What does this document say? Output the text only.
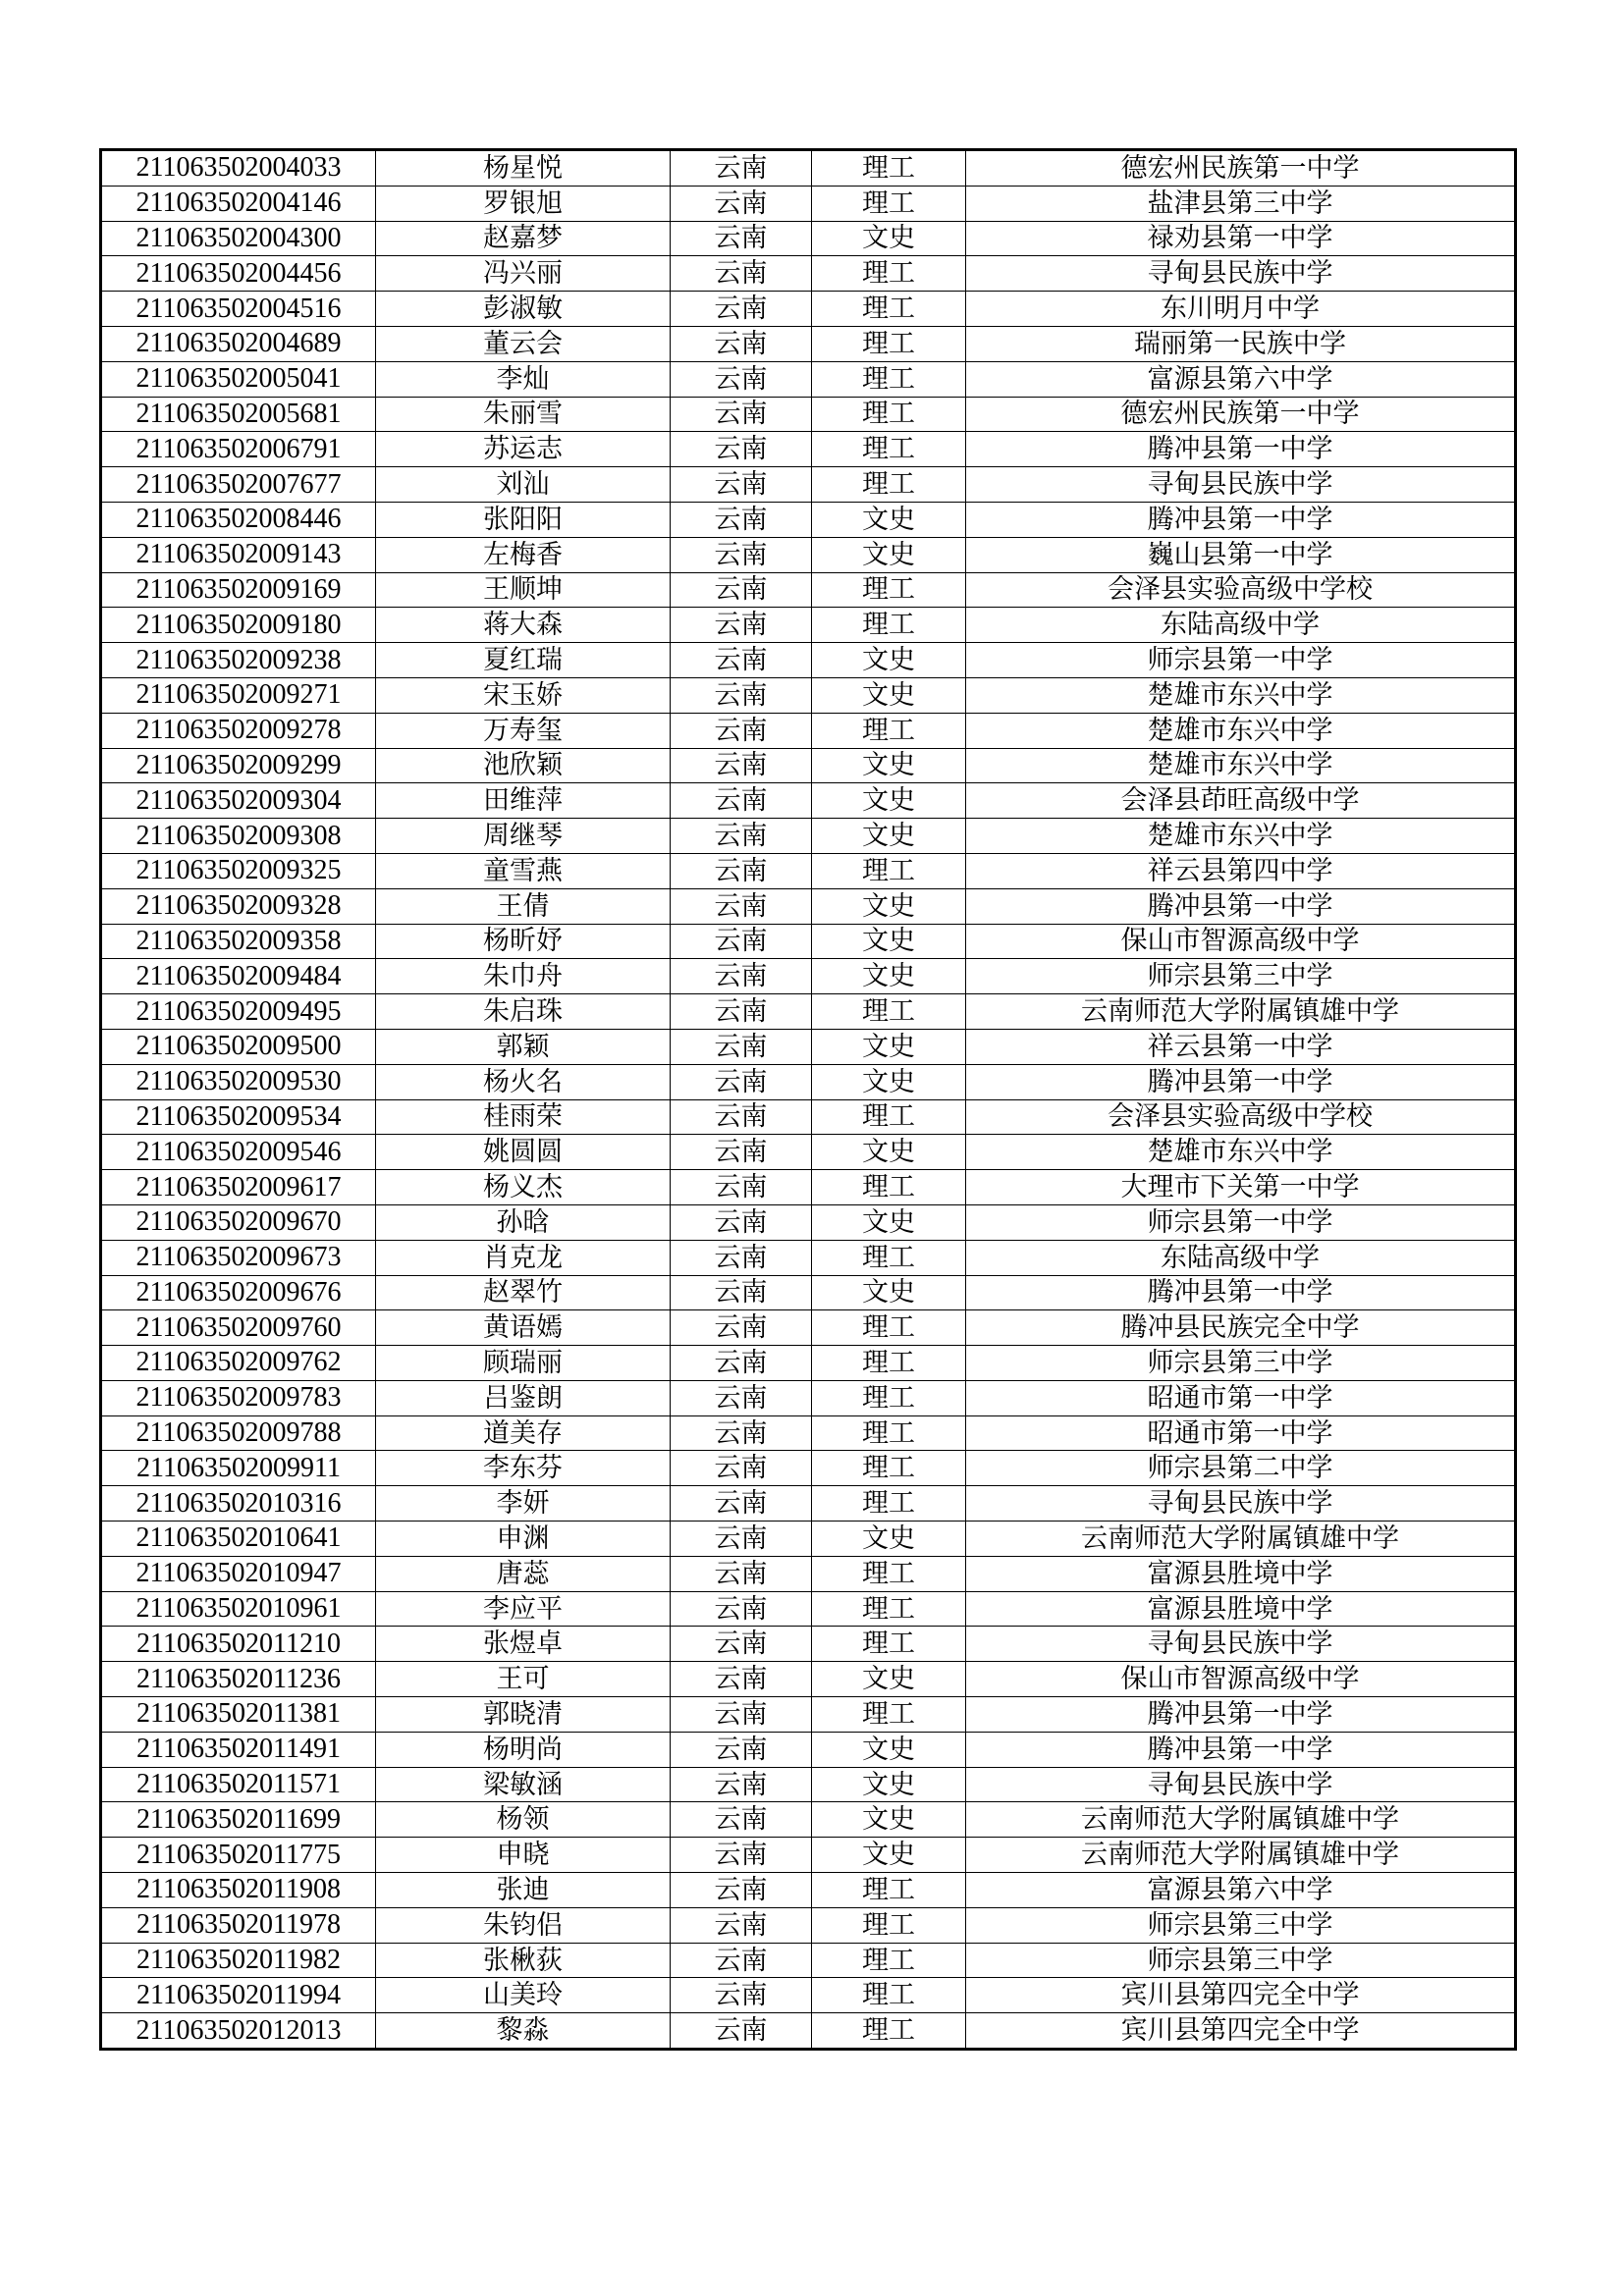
211063502004033	杨星悦	云南	理工	德宏州民族第一中学
211063502004146	罗银旭	云南	理工	盐津县第三中学
211063502004300	赵嘉梦	云南	文史	禄劝县第一中学
211063502004456	冯兴丽	云南	理工	寻甸县民族中学
211063502004516	彭淑敏	云南	理工	东川明月中学
211063502004689	董云会	云南	理工	瑞丽第一民族中学
211063502005041	李灿	云南	理工	富源县第六中学
211063502005681	朱丽雪	云南	理工	德宏州民族第一中学
211063502006791	苏运志	云南	理工	腾冲县第一中学
211063502007677	刘汕	云南	理工	寻甸县民族中学
211063502008446	张阳阳	云南	文史	腾冲县第一中学
211063502009143	左梅香	云南	文史	巍山县第一中学
211063502009169	王顺坤	云南	理工	会泽县实验高级中学校
211063502009180	蒋大森	云南	理工	东陆高级中学
211063502009238	夏红瑞	云南	文史	师宗县第一中学
211063502009271	宋玉娇	云南	文史	楚雄市东兴中学
211063502009278	万寿玺	云南	理工	楚雄市东兴中学
211063502009299	池欣颖	云南	文史	楚雄市东兴中学
211063502009304	田维萍	云南	文史	会泽县茚旺高级中学
211063502009308	周继琴	云南	文史	楚雄市东兴中学
211063502009325	童雪燕	云南	理工	祥云县第四中学
211063502009328	王倩	云南	文史	腾冲县第一中学
211063502009358	杨昕妤	云南	文史	保山市智源高级中学
211063502009484	朱巾舟	云南	文史	师宗县第三中学
211063502009495	朱启珠	云南	理工	云南师范大学附属镇雄中学
211063502009500	郭颖	云南	文史	祥云县第一中学
211063502009530	杨火名	云南	文史	腾冲县第一中学
211063502009534	桂雨荣	云南	理工	会泽县实验高级中学校
211063502009546	姚圆圆	云南	文史	楚雄市东兴中学
211063502009617	杨义杰	云南	理工	大理市下关第一中学
211063502009670	孙晗	云南	文史	师宗县第一中学
211063502009673	肖克龙	云南	理工	东陆高级中学
211063502009676	赵翠竹	云南	文史	腾冲县第一中学
211063502009760	黄语嫣	云南	理工	腾冲县民族完全中学
211063502009762	顾瑞丽	云南	理工	师宗县第三中学
211063502009783	吕鉴朗	云南	理工	昭通市第一中学
211063502009788	道美存	云南	理工	昭通市第一中学
211063502009911	李东芬	云南	理工	师宗县第二中学
211063502010316	李妍	云南	理工	寻甸县民族中学
211063502010641	申渊	云南	文史	云南师范大学附属镇雄中学
211063502010947	唐蕊	云南	理工	富源县胜境中学
211063502010961	李应平	云南	理工	富源县胜境中学
211063502011210	张煜卓	云南	理工	寻甸县民族中学
211063502011236	王可	云南	文史	保山市智源高级中学
211063502011381	郭晓清	云南	理工	腾冲县第一中学
211063502011491	杨明尚	云南	文史	腾冲县第一中学
211063502011571	梁敏涵	云南	文史	寻甸县民族中学
211063502011699	杨领	云南	文史	云南师范大学附属镇雄中学
211063502011775	申晓	云南	文史	云南师范大学附属镇雄中学
211063502011908	张迪	云南	理工	富源县第六中学
211063502011978	朱钧侣	云南	理工	师宗县第三中学
211063502011982	张楸荻	云南	理工	师宗县第三中学
211063502011994	山美玲	云南	理工	宾川县第四完全中学
211063502012013	黎淼	云南	理工	宾川县第四完全中学
